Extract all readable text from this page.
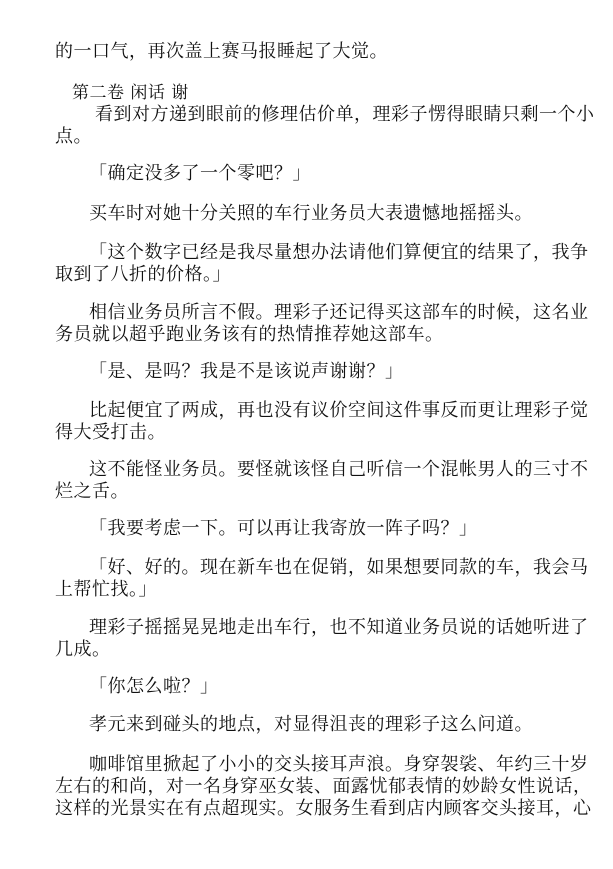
的一口气，再次盖上赛马报睡起了大觉。
第二卷 闲话 谢
看到对方递到眼前的修理估价单，理彩子愣得眼睛只剩一个小
点。
「确定没多了一个零吧？」
买车时对她十分关照的车行业务员大表遗憾地摇摇头。
「这个数字已经是我尽量想办法请他们算便宜的结果了，我争
取到了八折的价格。」
相信业务员所言不假。理彩子还记得买这部车的时候，这名业
务员就以超乎跑业务该有的热情推荐她这部车。
「是、是吗？我是不是该说声谢谢？」
比起便宜了两成，再也没有议价空间这件事反而更让理彩子觉
得大受打击。
这不能怪业务员。要怪就该怪自己听信一个混帐男人的三寸不
烂之舌。
「我要考虑一下。可以再让我寄放一阵子吗？」
「好、好的。现在新车也在促销，如果想要同款的车，我会马
上帮忙找。」
理彩子摇摇晃晃地走出车行，也不知道业务员说的话她听进了
几成。
「你怎么啦？」
孝元来到碰头的地点，对显得沮丧的理彩子这么问道。
咖啡馆里掀起了小小的交头接耳声浪。身穿袈裟、年约三十岁
左右的和尚，对一名身穿巫女装、面露忧郁表情的妙龄女性说话，
这样的光景实在有点超现实。女服务生看到店内顾客交头接耳，心
